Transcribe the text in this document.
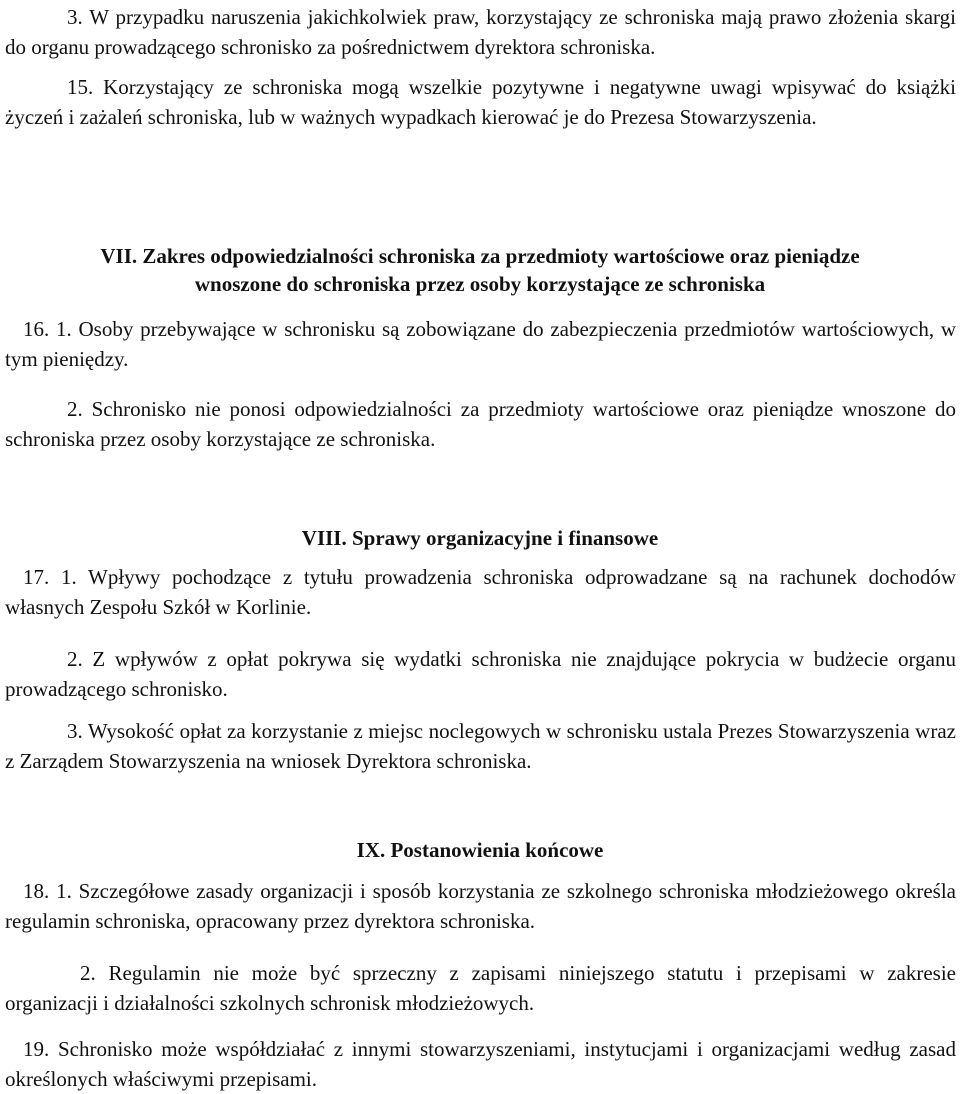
3. W przypadku naruszenia jakichkolwiek praw, korzystający ze schroniska mają prawo złożenia skargi do organu prowadzącego schronisko za pośrednictwem dyrektora schroniska.

15. Korzystający ze schroniska mogą wszelkie pozytywne i negatywne uwagi wpisywać do książki życzeń i zażaleń schroniska, lub w ważnych wypadkach kierować je do Prezesa Stowarzyszenia.

VII. Zakres odpowiedzialności schroniska za przedmioty wartościowe oraz pieniądze
wnoszone do schroniska przez osoby korzystające ze schroniska

16. 1. Osoby przebywające w schronisku są zobowiązane do zabezpieczenia przedmiotów wartościowych, w tym pieniędzy.

2. Schronisko nie ponosi odpowiedzialności za przedmioty wartościowe oraz pieniądze wnoszone do schroniska przez osoby korzystające ze schroniska.

VIII. Sprawy organizacyjne i finansowe

17. 1. Wpływy pochodzące z tytułu prowadzenia schroniska odprowadzane są na rachunek dochodów własnych Zespołu Szkół w Korlinie.

2. Z wpływów z opłat pokrywa się wydatki schroniska nie znajdujące pokrycia w budżecie organu prowadzącego schronisko.

3. Wysokość opłat za korzystanie z miejsc noclegowych w schronisku ustala Prezes Stowarzyszenia wraz z Zarządem Stowarzyszenia na wniosek Dyrektora schroniska.

IX. Postanowienia końcowe

18. 1. Szczegółowe zasady organizacji i sposób korzystania ze szkolnego schroniska młodzieżowego określa regulamin schroniska, opracowany przez dyrektora schroniska.

2. Regulamin nie może być sprzeczny z zapisami niniejszego statutu i przepisami w zakresie organizacji i działalności szkolnych schronisk młodzieżowych.

19. Schronisko może współdziałać z innymi stowarzyszeniami, instytucjami i organizacjami według zasad określonych właściwymi przepisami.
